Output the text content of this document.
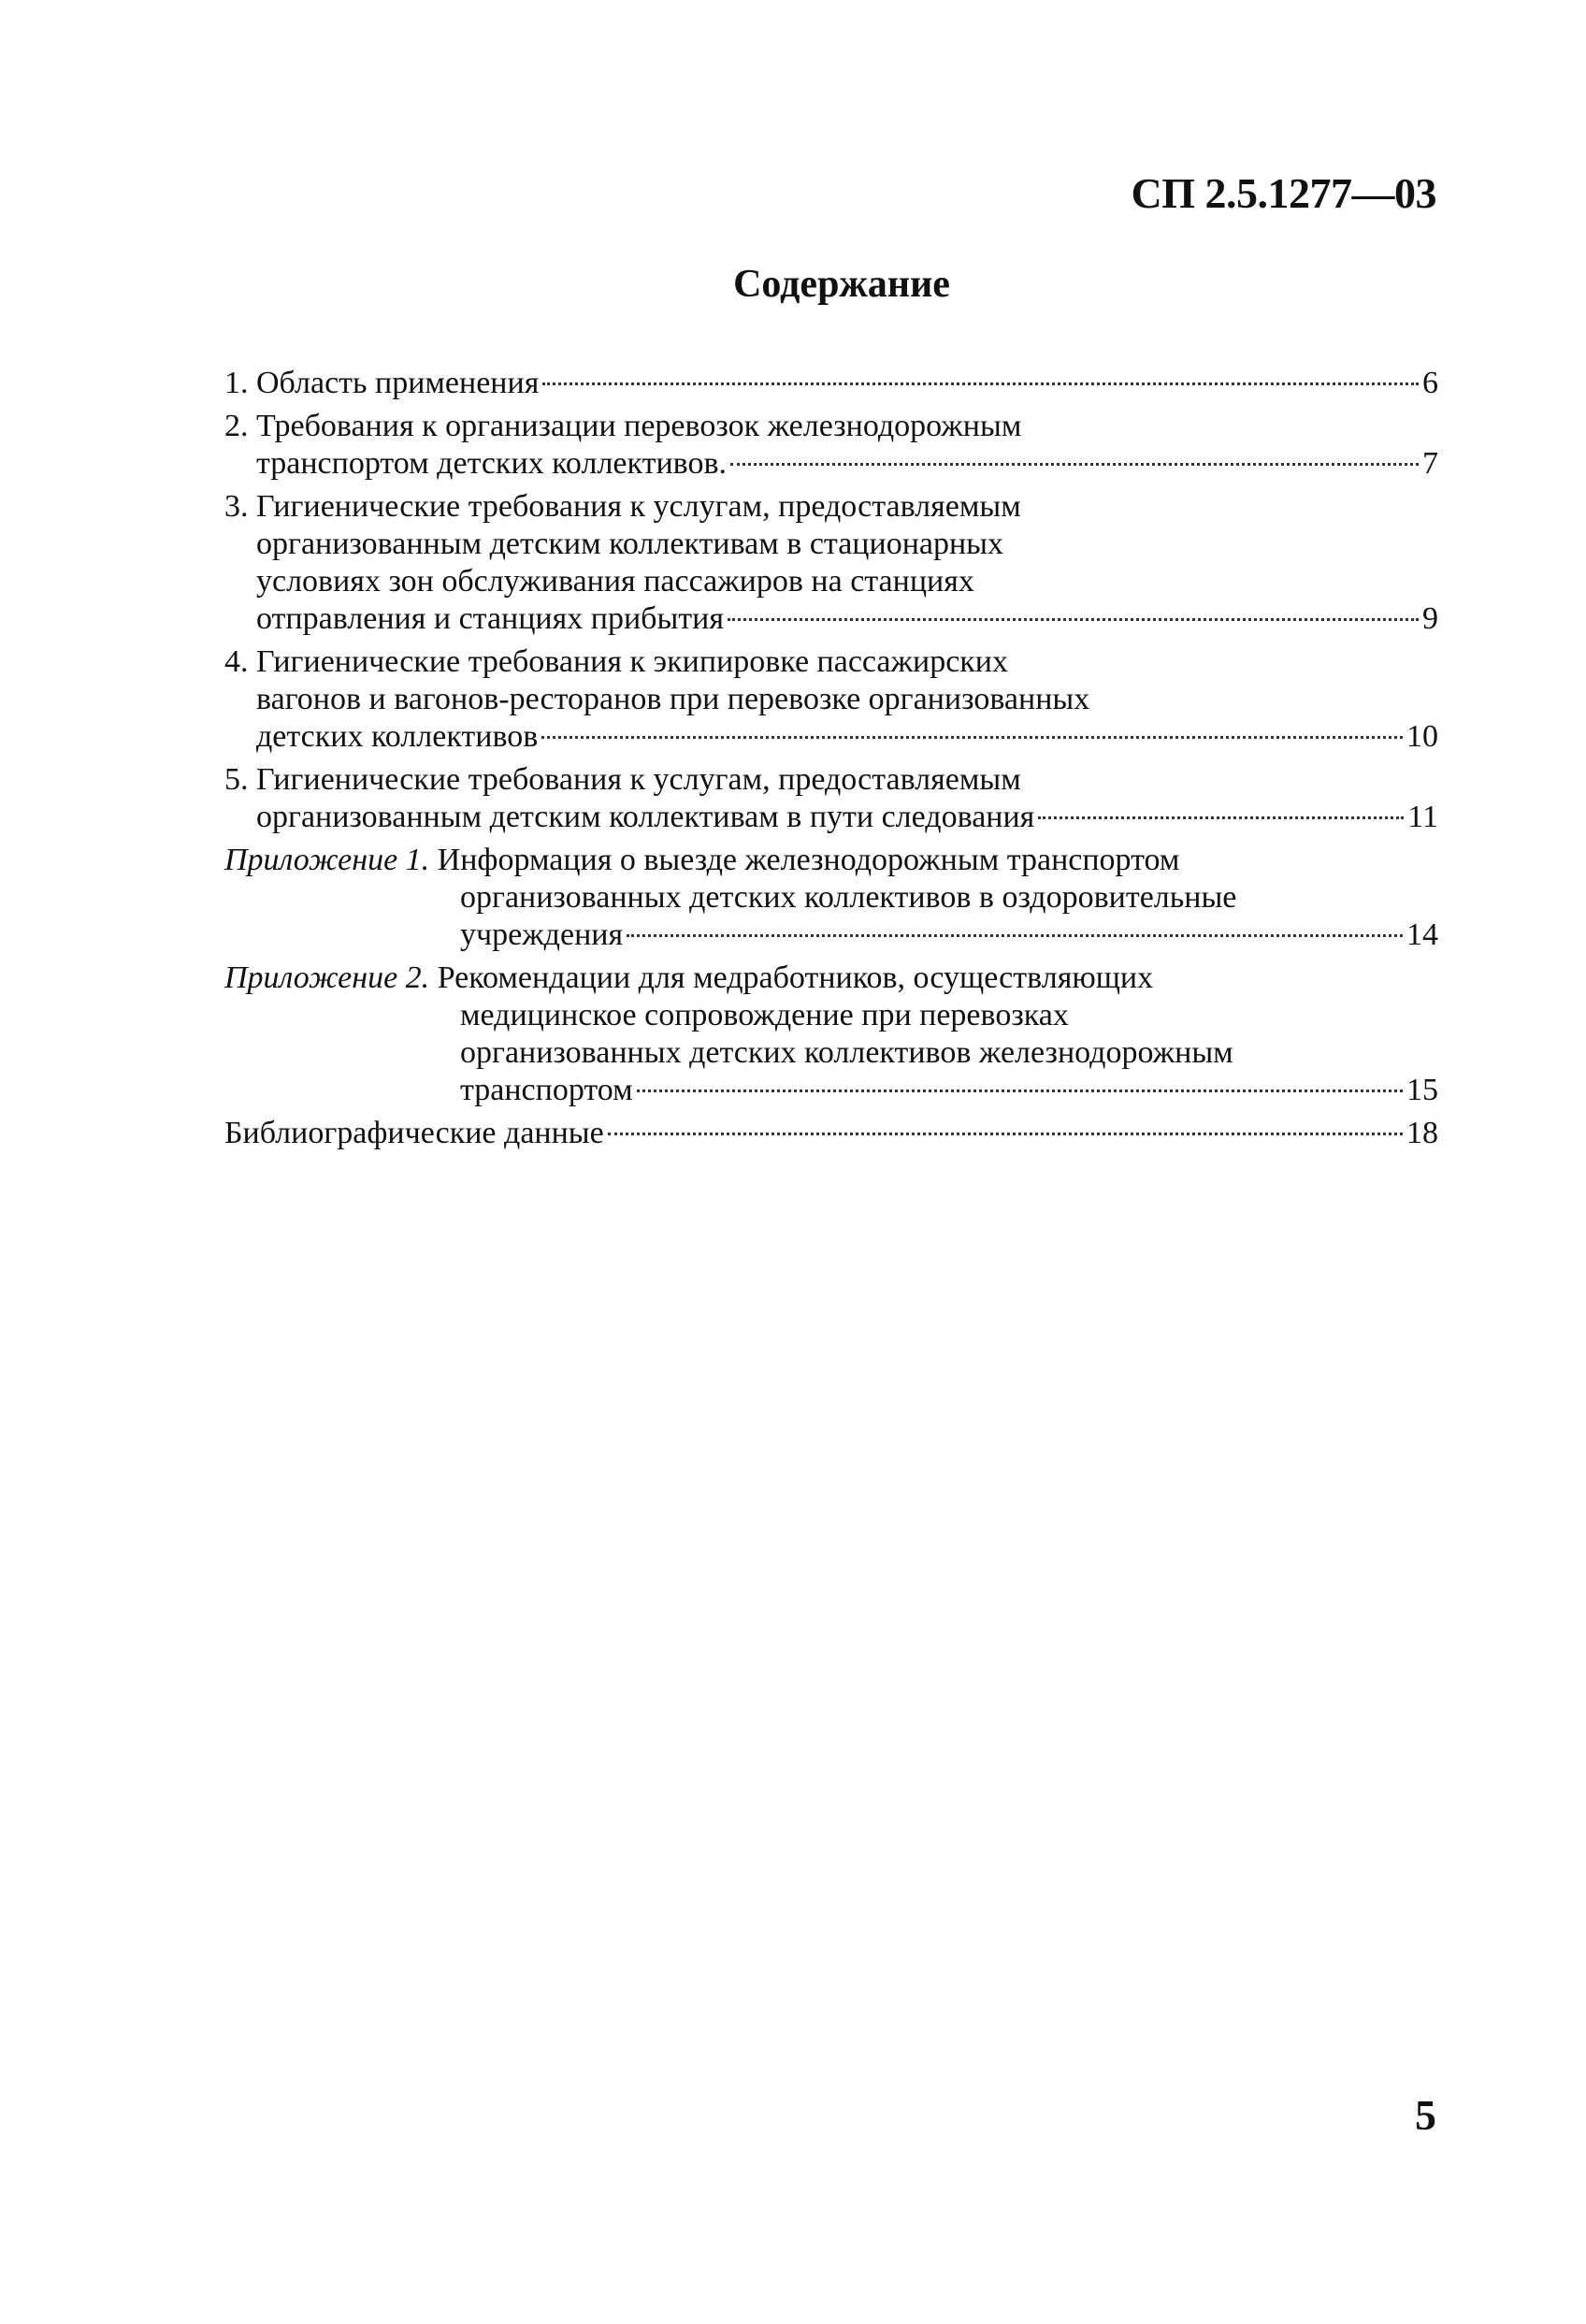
СП 2.5.1277—03
Содержание
1. Область применения	6
2. Требования к организации перевозок железнодорожным
транспортом детских коллективов.	7
3. Гигиенические требования к услугам, предоставляемым
организованным детским коллективам в стационарных
условиях зон обслуживания пассажиров на станциях
отправления и станциях прибытия	9
4. Гигиенические требования к экипировке пассажирских
вагонов и вагонов-ресторанов при перевозке организованных
детских коллективов	10
5. Гигиенические требования к услугам, предоставляемым
организованным детским коллективам в пути следования	11
Приложение 1. Информация о выезде железнодорожным транспортом
организованных детских коллективов в оздоровительные
учреждения	14
Приложение 2. Рекомендации для медработников, осуществляющих
медицинское сопровождение при перевозках
организованных детских коллективов железнодорожным
транспортом	15
Библиографические данные	18
5
